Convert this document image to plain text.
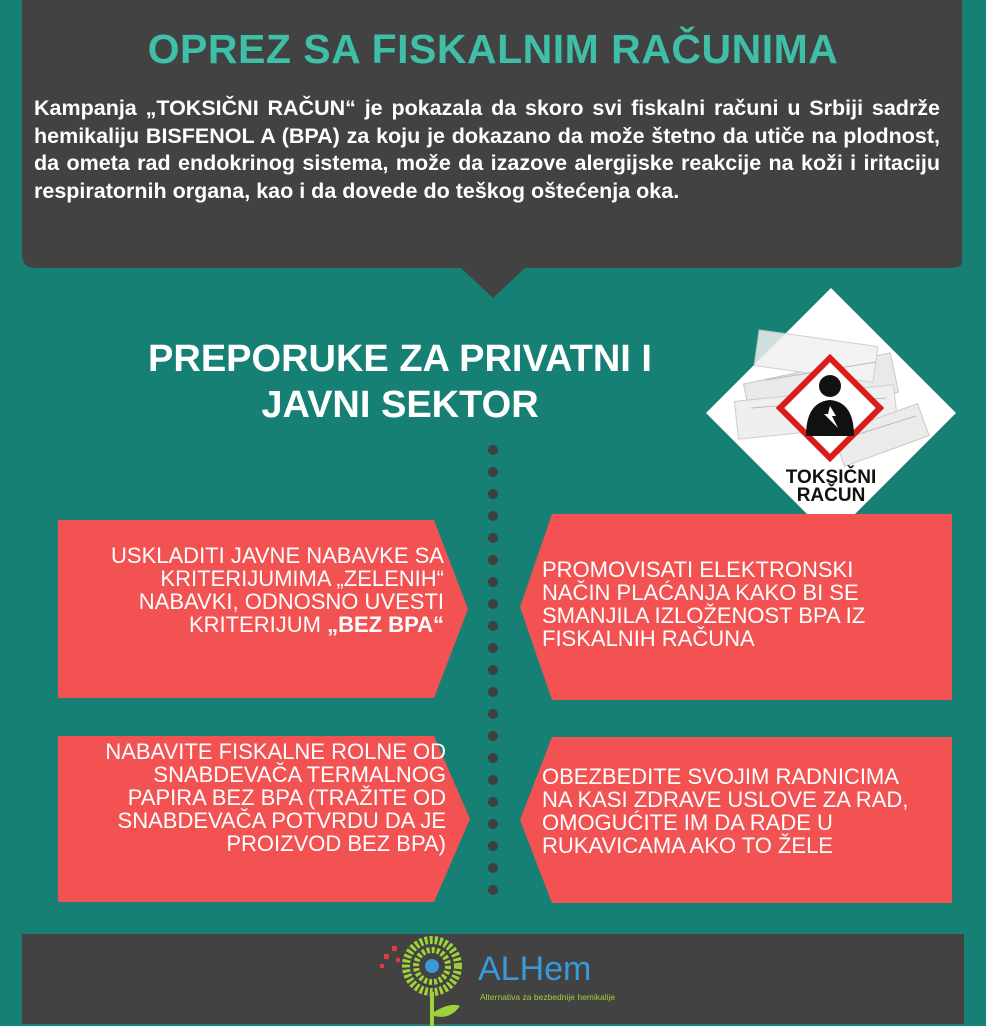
OPREZ SA FISKALNIM RAČUNIMA

Kampanja „TOKSIČNI RAČUN“ je pokazala da skoro svi fiskalni računi u Srbiji sadrže hemikaliju BISFENOL A (BPA) za koju je dokazano da može štetno da utiče na plodnost, da ometa rad endokrinog sistema, može da izazove alergijske reakcije na koži i iritaciju respiratornih organa, kao i da dovede do teškog oštećenja oka.

PREPORUKE ZA PRIVATNI I
JAVNI SEKTOR
TOKSIČNI
RAČUN
USKLADITI JAVNE NABAVKE SA KRITERIJUMIMA „ZELENIH“ NABAVKI, ODNOSNO UVESTI KRITERIJUM „BEZ BPA“
PROMOVISATI ELEKTRONSKI NAČIN PLAĆANJA KAKO BI SE SMANJILA IZLOŽENOST BPA IZ FISKALNIH RAČUNA
NABAVITE FISKALNE ROLNE OD SNABDEVAČA TERMALNOG PAPIRA BEZ BPA (TRAŽITE OD SNABDEVAČA POTVRDU DA JE PROIZVOD BEZ BPA)
OBEZBEDITE SVOJIM RADNICIMA NA KASI ZDRAVE USLOVE ZA RAD, OMOGUĆITE IM DA RADE U RUKAVICAMA AKO TO ŽELE
ALHem
Alternativa za bezbednije hemikalije
